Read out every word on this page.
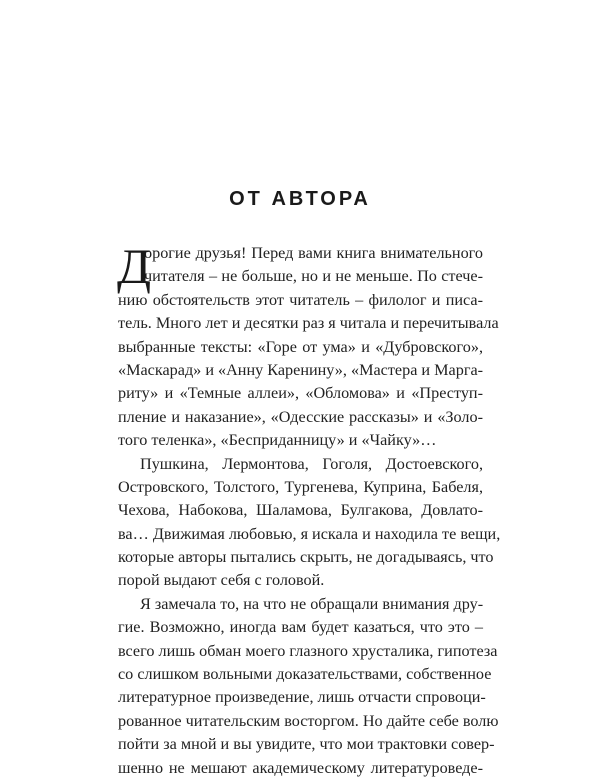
ОТ АВТОРА
Д
орогие друзья! Перед вами книга внимательного
читателя – не больше, но и не меньше. По стече-
нию обстоятельств этот читатель – филолог и писа-
тель. Много лет и десятки раз я читала и перечитывала
выбранные тексты: «Горе от ума» и «Дубровского»,
«Маскарад» и «Анну Каренину», «Мастера и Марга-
риту» и «Темные аллеи», «Обломова» и «Преступ-
пление и наказание», «Одесские рассказы» и «Золо-
того теленка», «Бесприданницу» и «Чайку»…
Пушкина, Лермонтова, Гоголя, Достоевского,
Островского, Толстого, Тургенева, Куприна, Бабеля,
Чехова, Набокова, Шаламова, Булгакова, Довлато-
ва… Движимая любовью, я искала и находила те вещи,
которые авторы пытались скрыть, не догадываясь, что
порой выдают себя с головой.
Я замечала то, на что не обращали внимания дру-
гие. Возможно, иногда вам будет казаться, что это –
всего лишь обман моего глазного хрусталика, гипотеза
со слишком вольными доказательствами, собственное
литературное произведение, лишь отчасти спровоци-
рованное читательским восторгом. Но дайте себе волю
пойти за мной и вы увидите, что мои трактовки совер-
шенно не мешают академическому литературоведе-
